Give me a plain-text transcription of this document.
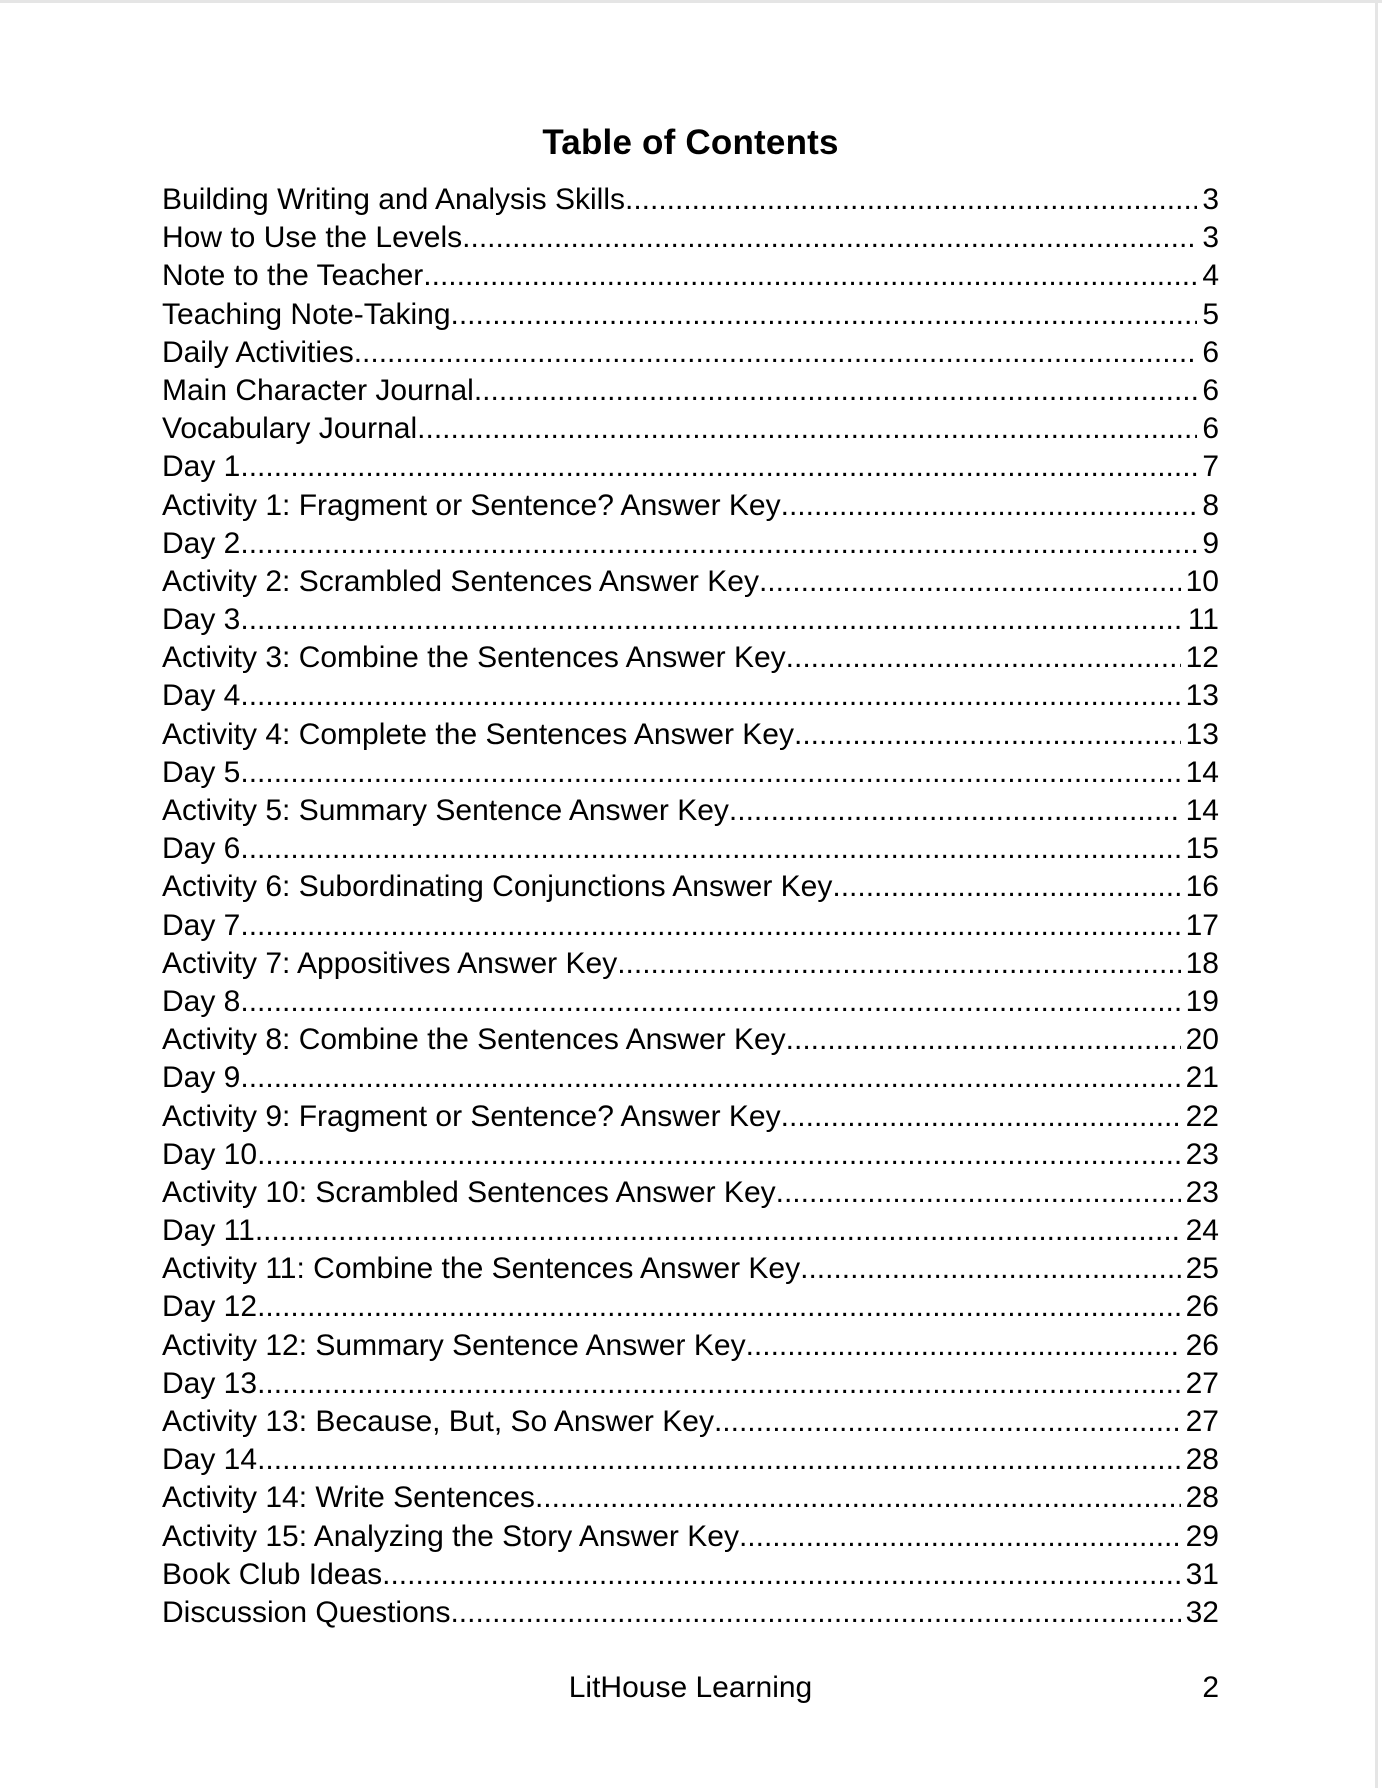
Table of Contents
Building Writing and Analysis Skills .....	3
How to Use the Levels .....	3
Note to the Teacher .....	4
Teaching Note-Taking .....	5
Daily Activities .....	6
Main Character Journal .....	6
Vocabulary Journal .....	6
Day 1 .....	7
Activity 1: Fragment or Sentence? Answer Key .....	8
Day 2 .....	9
Activity 2: Scrambled Sentences Answer Key .....	10
Day 3 .....	11
Activity 3: Combine the Sentences Answer Key .....	12
Day 4 .....	13
Activity 4: Complete the Sentences Answer Key .....	13
Day 5 .....	14
Activity 5: Summary Sentence Answer Key .....	14
Day 6 .....	15
Activity 6: Subordinating Conjunctions Answer Key .....	16
Day 7 .....	17
Activity 7: Appositives Answer Key .....	18
Day 8 .....	19
Activity 8: Combine the Sentences Answer Key .....	20
Day 9 .....	21
Activity 9: Fragment or Sentence? Answer Key .....	22
Day 10 .....	23
Activity 10: Scrambled Sentences Answer Key .....	23
Day 11 .....	24
Activity 11: Combine the Sentences Answer Key .....	25
Day 12 .....	26
Activity 12: Summary Sentence Answer Key .....	26
Day 13 .....	27
Activity 13: Because, But, So Answer Key .....	27
Day 14 .....	28
Activity 14: Write Sentences .....	28
Activity 15: Analyzing the Story Answer Key .....	29
Book Club Ideas .....	31
Discussion Questions .....	32
LitHouse Learning	2
